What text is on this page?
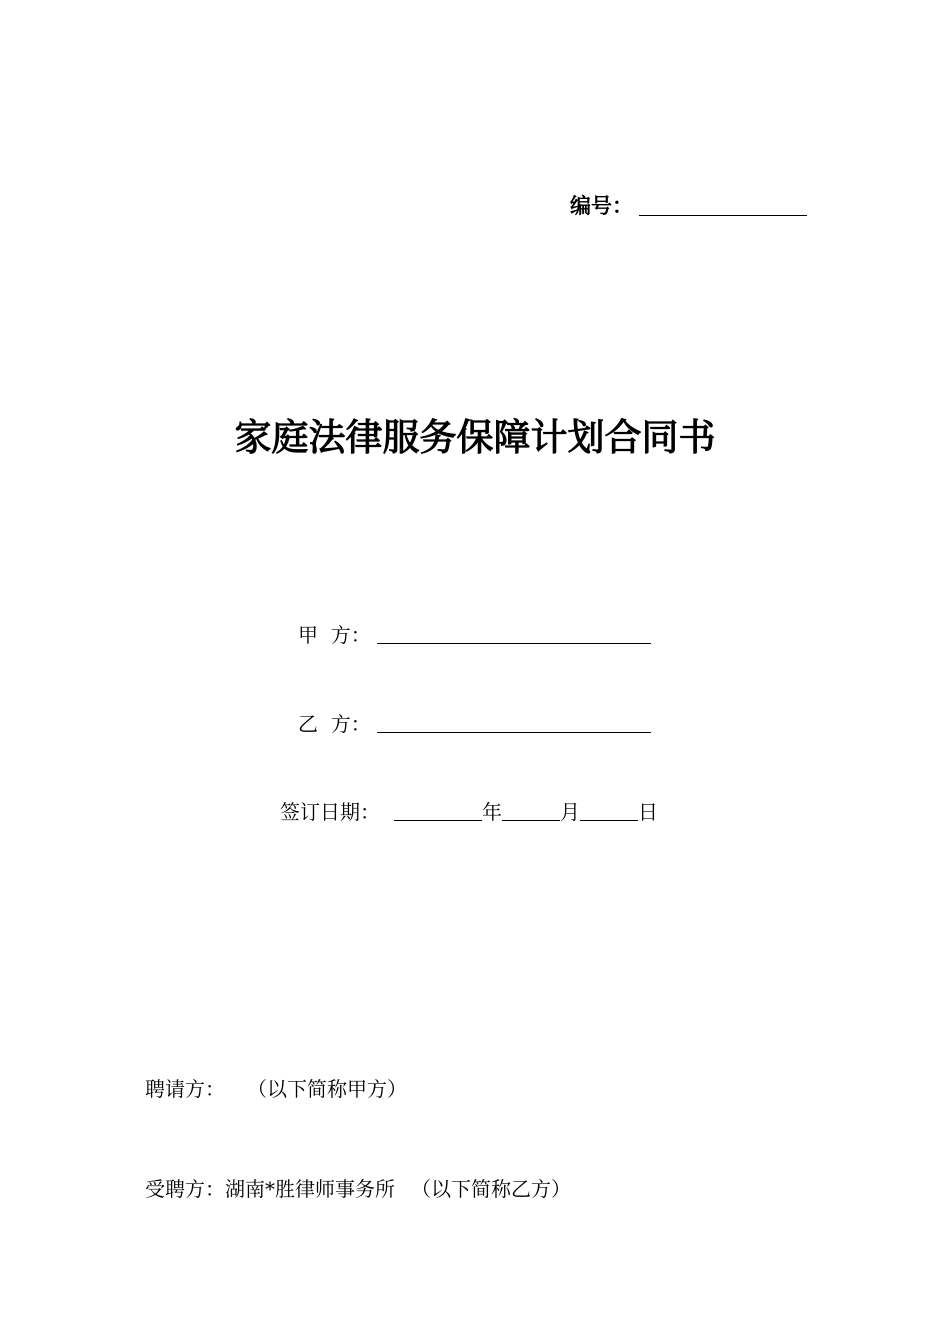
编号：
家庭法律服务保障计划合同书
甲  方：
乙  方：
签订日期：	年	月	日
聘请方： （以下简称甲方）
受聘方：湖南*胜律师事务所 （以下简称乙方）
